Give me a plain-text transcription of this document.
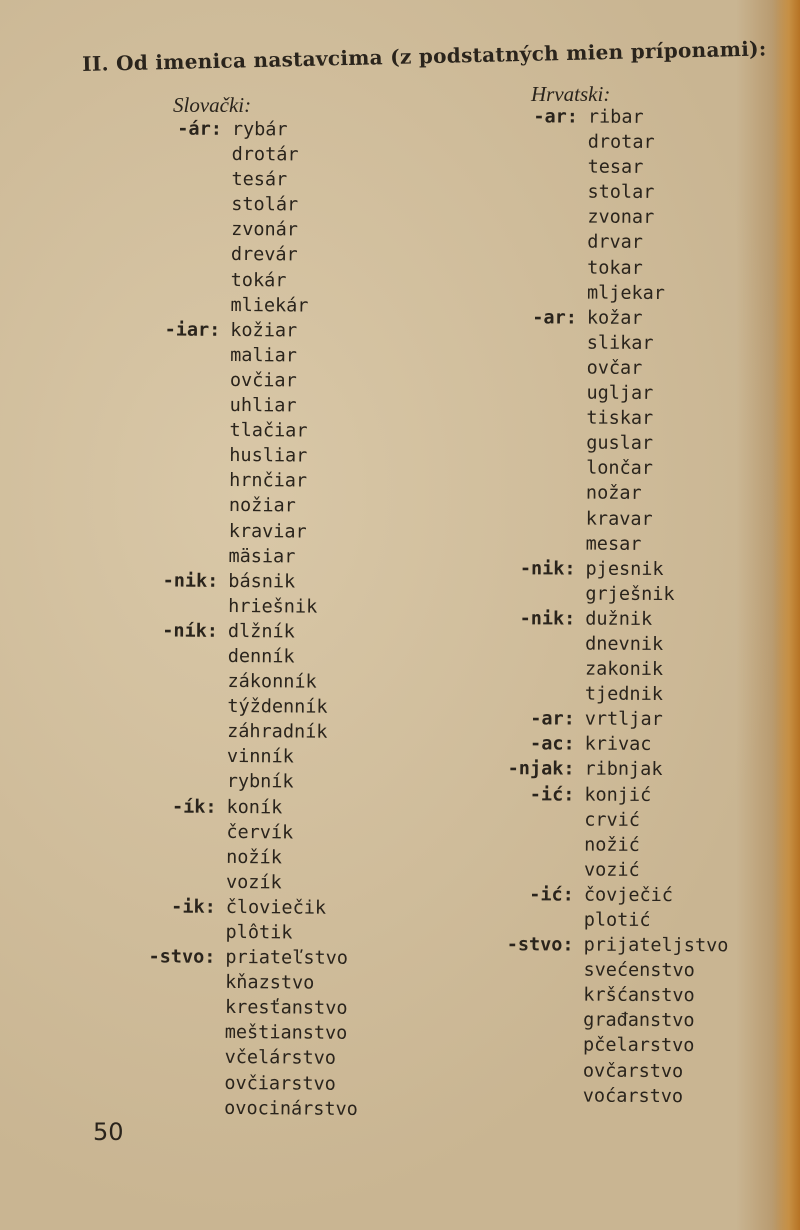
II. Od imenica nastavcima (z podstatných mien príponami):
Slovački:	Hrvatski:
-ár: rybár
drotár
tesár
stolár
zvonár
drevár
tokár
mliekár
-iar: kožiar
maliar
ovčiar
uhliar
tlačiar
husliar
hrnčiar
nožiar
kraviar
mäsiar
-nik: básnik
hriešnik
-ník: dlžník
denník
zákonník
týždenník
záhradník
vinník
rybník
-ík: koník
červík
nožík
vozík
-ik: človiečik
plôtik
-stvo: priateľstvo
kňazstvo
kresťanstvo
meštianstvo
včelárstvo
ovčiarstvo
ovocinárstvo
-ar: ribar
drotar
tesar
stolar
zvonar
drvar
tokar
mljekar
-ar: kožar
slikar
ovčar
ugljar
tiskar
guslar
lončar
nožar
kravar
mesar
-nik: pjesnik
grješnik
-nik: dužnik
dnevnik
zakonik
tjednik
-ar: vrtljar
-ac: krivac
-njak: ribnjak
-ić: konjić
crvić
nožić
vozić
-ić: čovječić
plotić
-stvo: prijateljstvo
svećenstvo
kršćanstvo
građanstvo
pčelarstvo
ovčarstvo
voćarstvo
50
